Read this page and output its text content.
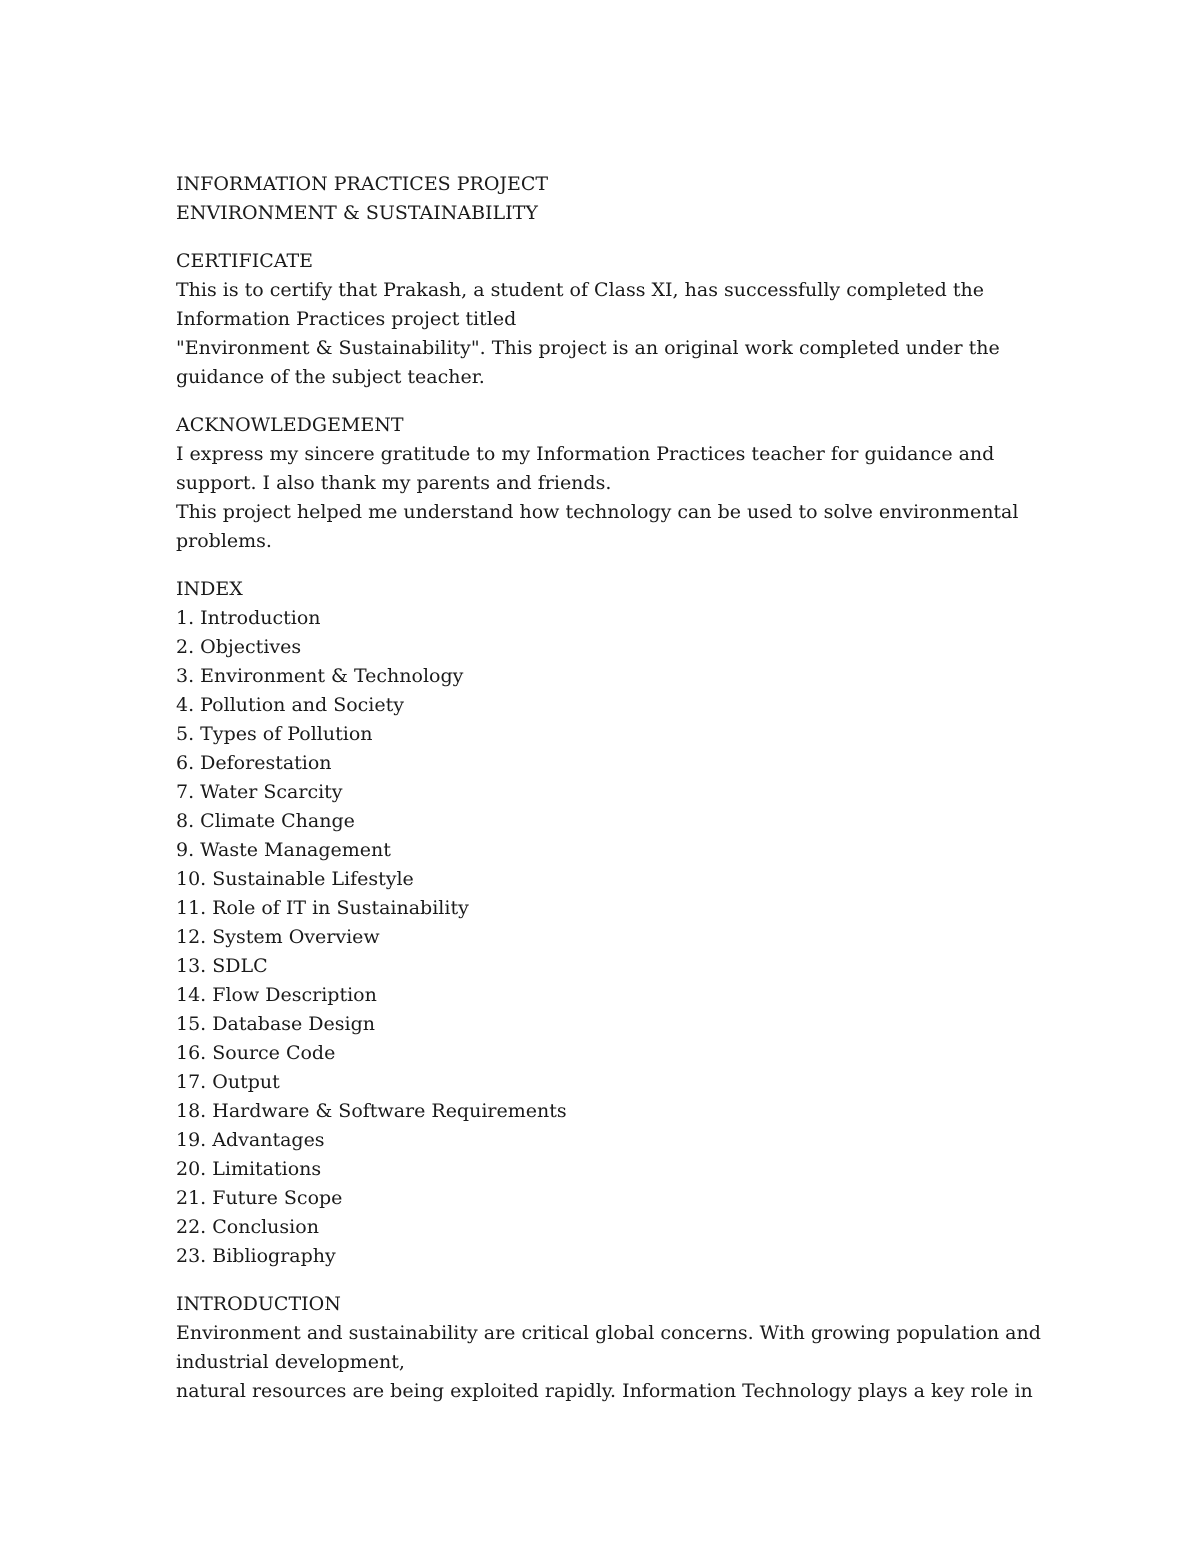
INFORMATION PRACTICES PROJECT
ENVIRONMENT & SUSTAINABILITY
CERTIFICATE
This is to certify that Prakash, a student of Class XI, has successfully completed the
Information Practices project titled
"Environment & Sustainability". This project is an original work completed under the
guidance of the subject teacher.
ACKNOWLEDGEMENT
I express my sincere gratitude to my Information Practices teacher for guidance and
support. I also thank my parents and friends.
This project helped me understand how technology can be used to solve environmental
problems.
INDEX
1. Introduction
2. Objectives
3. Environment & Technology
4. Pollution and Society
5. Types of Pollution
6. Deforestation
7. Water Scarcity
8. Climate Change
9. Waste Management
10. Sustainable Lifestyle
11. Role of IT in Sustainability
12. System Overview
13. SDLC
14. Flow Description
15. Database Design
16. Source Code
17. Output
18. Hardware & Software Requirements
19. Advantages
20. Limitations
21. Future Scope
22. Conclusion
23. Bibliography
INTRODUCTION
Environment and sustainability are critical global concerns. With growing population and
industrial development,
natural resources are being exploited rapidly. Information Technology plays a key role in
